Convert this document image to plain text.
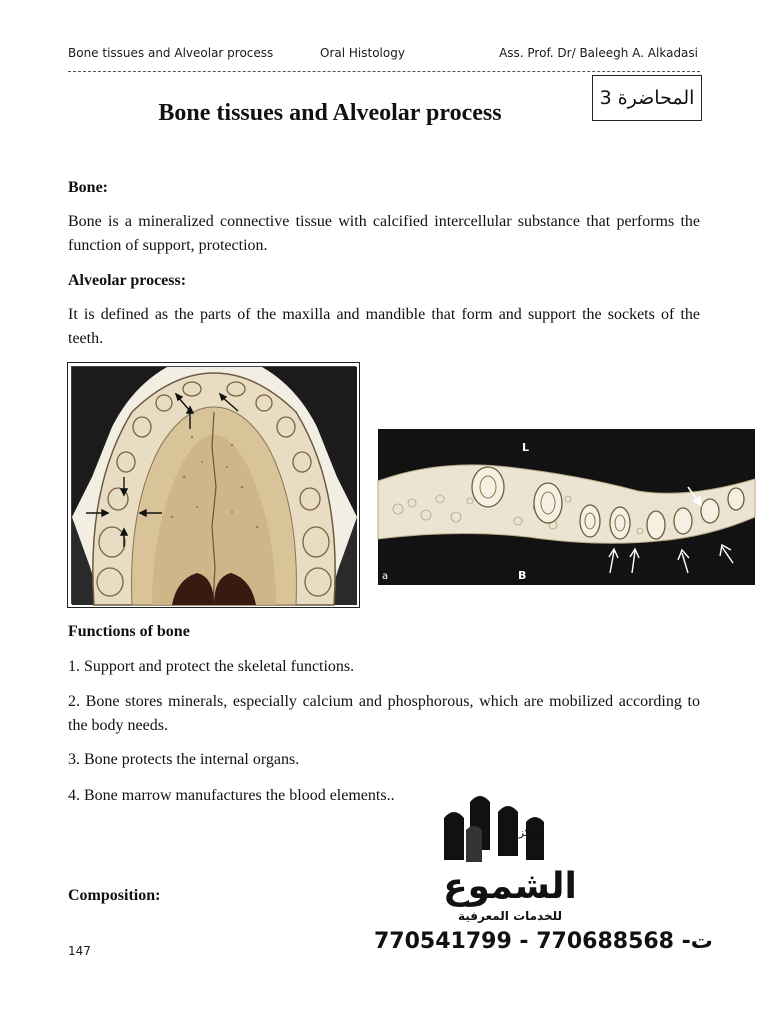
Bone tissues and Alveolar process	Oral Histology	Ass. Prof. Dr/ Baleegh A. Alkadasi
المحاضرة 3
Bone tissues and Alveolar process
Bone:
Bone is a mineralized connective tissue with calcified intercellular substance that performs the function of support, protection.
Alveolar process:
It is defined as the parts of the maxilla and mandible that form and support the sockets of the teeth.
L
B
a
Functions of bone
1. Support and protect the skeletal functions.
2. Bone stores minerals, especially calcium and phosphorous, which are mobilized according to the body needs.
3. Bone protects the internal organs.
4. Bone marrow manufactures the blood elements..
Composition:
مركز
الشموع
للخدمات المعرفية
770541799 - 770688568 -ت
147
